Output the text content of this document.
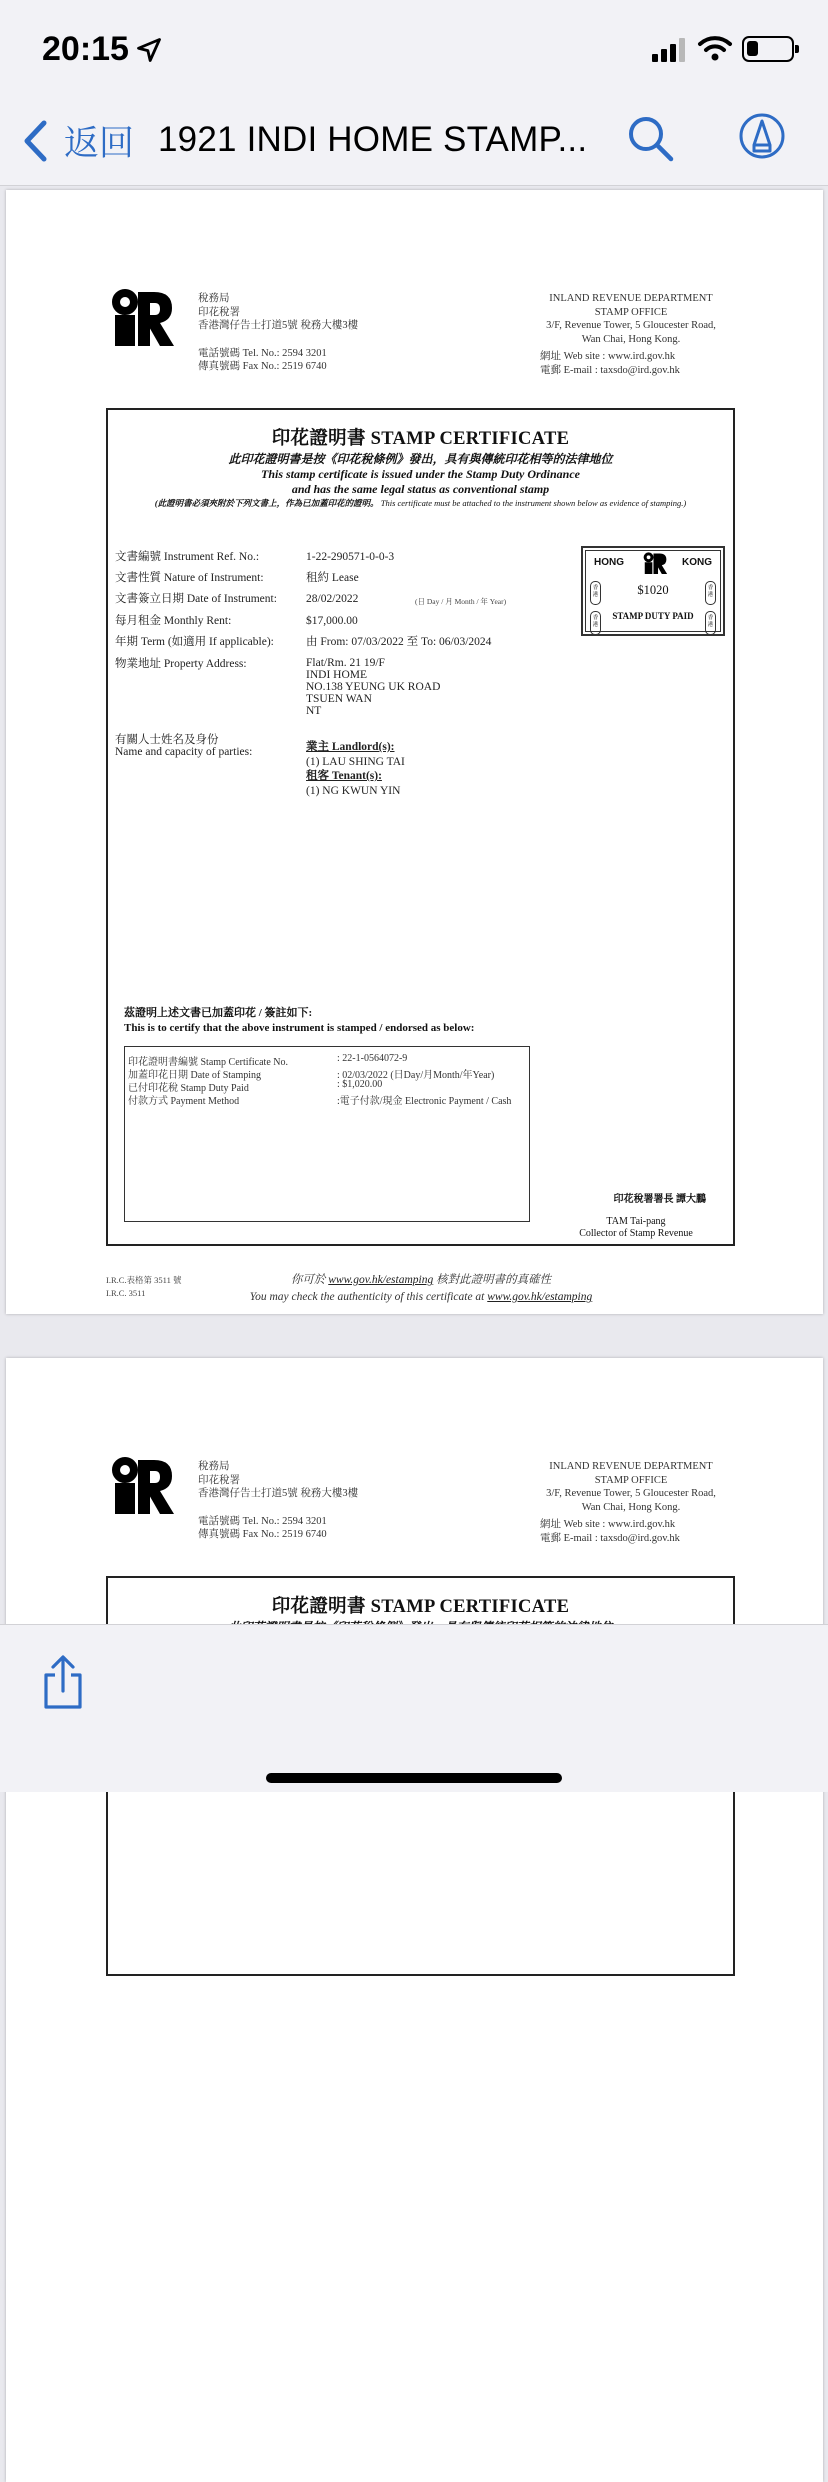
20:15
返回 1921 INDI HOME STAMP...
稅務局
印花稅署
香港灣仔告士打道5號 稅務大樓3樓
電話號碼 Tel. No.: 2594 3201
傳真號碼 Fax No.: 2519 6740
INLAND REVENUE DEPARTMENT
STAMP OFFICE
3/F, Revenue Tower, 5 Gloucester Road,
Wan Chai, Hong Kong.
網址 Web site : www.ird.gov.hk
電郵 E-mail : taxsdo@ird.gov.hk
印花證明書 STAMP CERTIFICATE
此印花證明書是按《印花稅條例》發出，具有與傳統印花相等的法律地位
This stamp certificate is issued under the Stamp Duty Ordinance
and has the same legal status as conventional stamp
(此證明書必須夾附於下列文書上，作為已加蓋印花的證明。 This certificate must be attached to the instrument shown below as evidence of stamping.)
文書編號 Instrument Ref. No.:	1-22-290571-0-0-3
文書性質 Nature of Instrument:	租約 Lease
文書簽立日期 Date of Instrument:	28/02/2022	(日 Day / 月 Month / 年 Year)
每月租金 Monthly Rent:	$17,000.00
年期 Term (如適用 If applicable):	由 From: 07/03/2022 至 To: 06/03/2024
物業地址 Property Address:	Flat/Rm. 21 19/F
INDI HOME
NO.138 YEUNG UK ROAD
TSUEN WAN
NT
有關人士姓名及身份
Name and capacity of parties:	業主 Landlord(s):
(1) LAU SHING TAI
租客 Tenant(s):
(1) NG KWUN YIN
HONG	KONG
$1020
STAMP DUTY PAID
香港
香港
香港
香港
茲證明上述文書已加蓋印花 / 簽註如下:
This is to certify that the above instrument is stamped / endorsed as below:
印花證明書編號 Stamp Certificate No.	: 22-1-0564072-9
加蓋印花日期 Date of Stamping	: 02/03/2022 (日Day/月Month/年Year)
已付印花稅 Stamp Duty Paid	: $1,020.00
付款方式 Payment Method	:電子付款/現金 Electronic Payment / Cash
印花稅署署長 譚大鵬
TAM Tai-pang
Collector of Stamp Revenue
I.R.C.表格第 3511 號
I.R.C. 3511
你可於 www.gov.hk/estamping 核對此證明書的真確性
You may check the authenticity of this certificate at www.gov.hk/estamping
稅務局
印花稅署
香港灣仔告士打道5號 稅務大樓3樓
電話號碼 Tel. No.: 2594 3201
傳真號碼 Fax No.: 2519 6740
INLAND REVENUE DEPARTMENT
STAMP OFFICE
3/F, Revenue Tower, 5 Gloucester Road,
Wan Chai, Hong Kong.
網址 Web site : www.ird.gov.hk
電郵 E-mail : taxsdo@ird.gov.hk
印花證明書 STAMP CERTIFICATE
